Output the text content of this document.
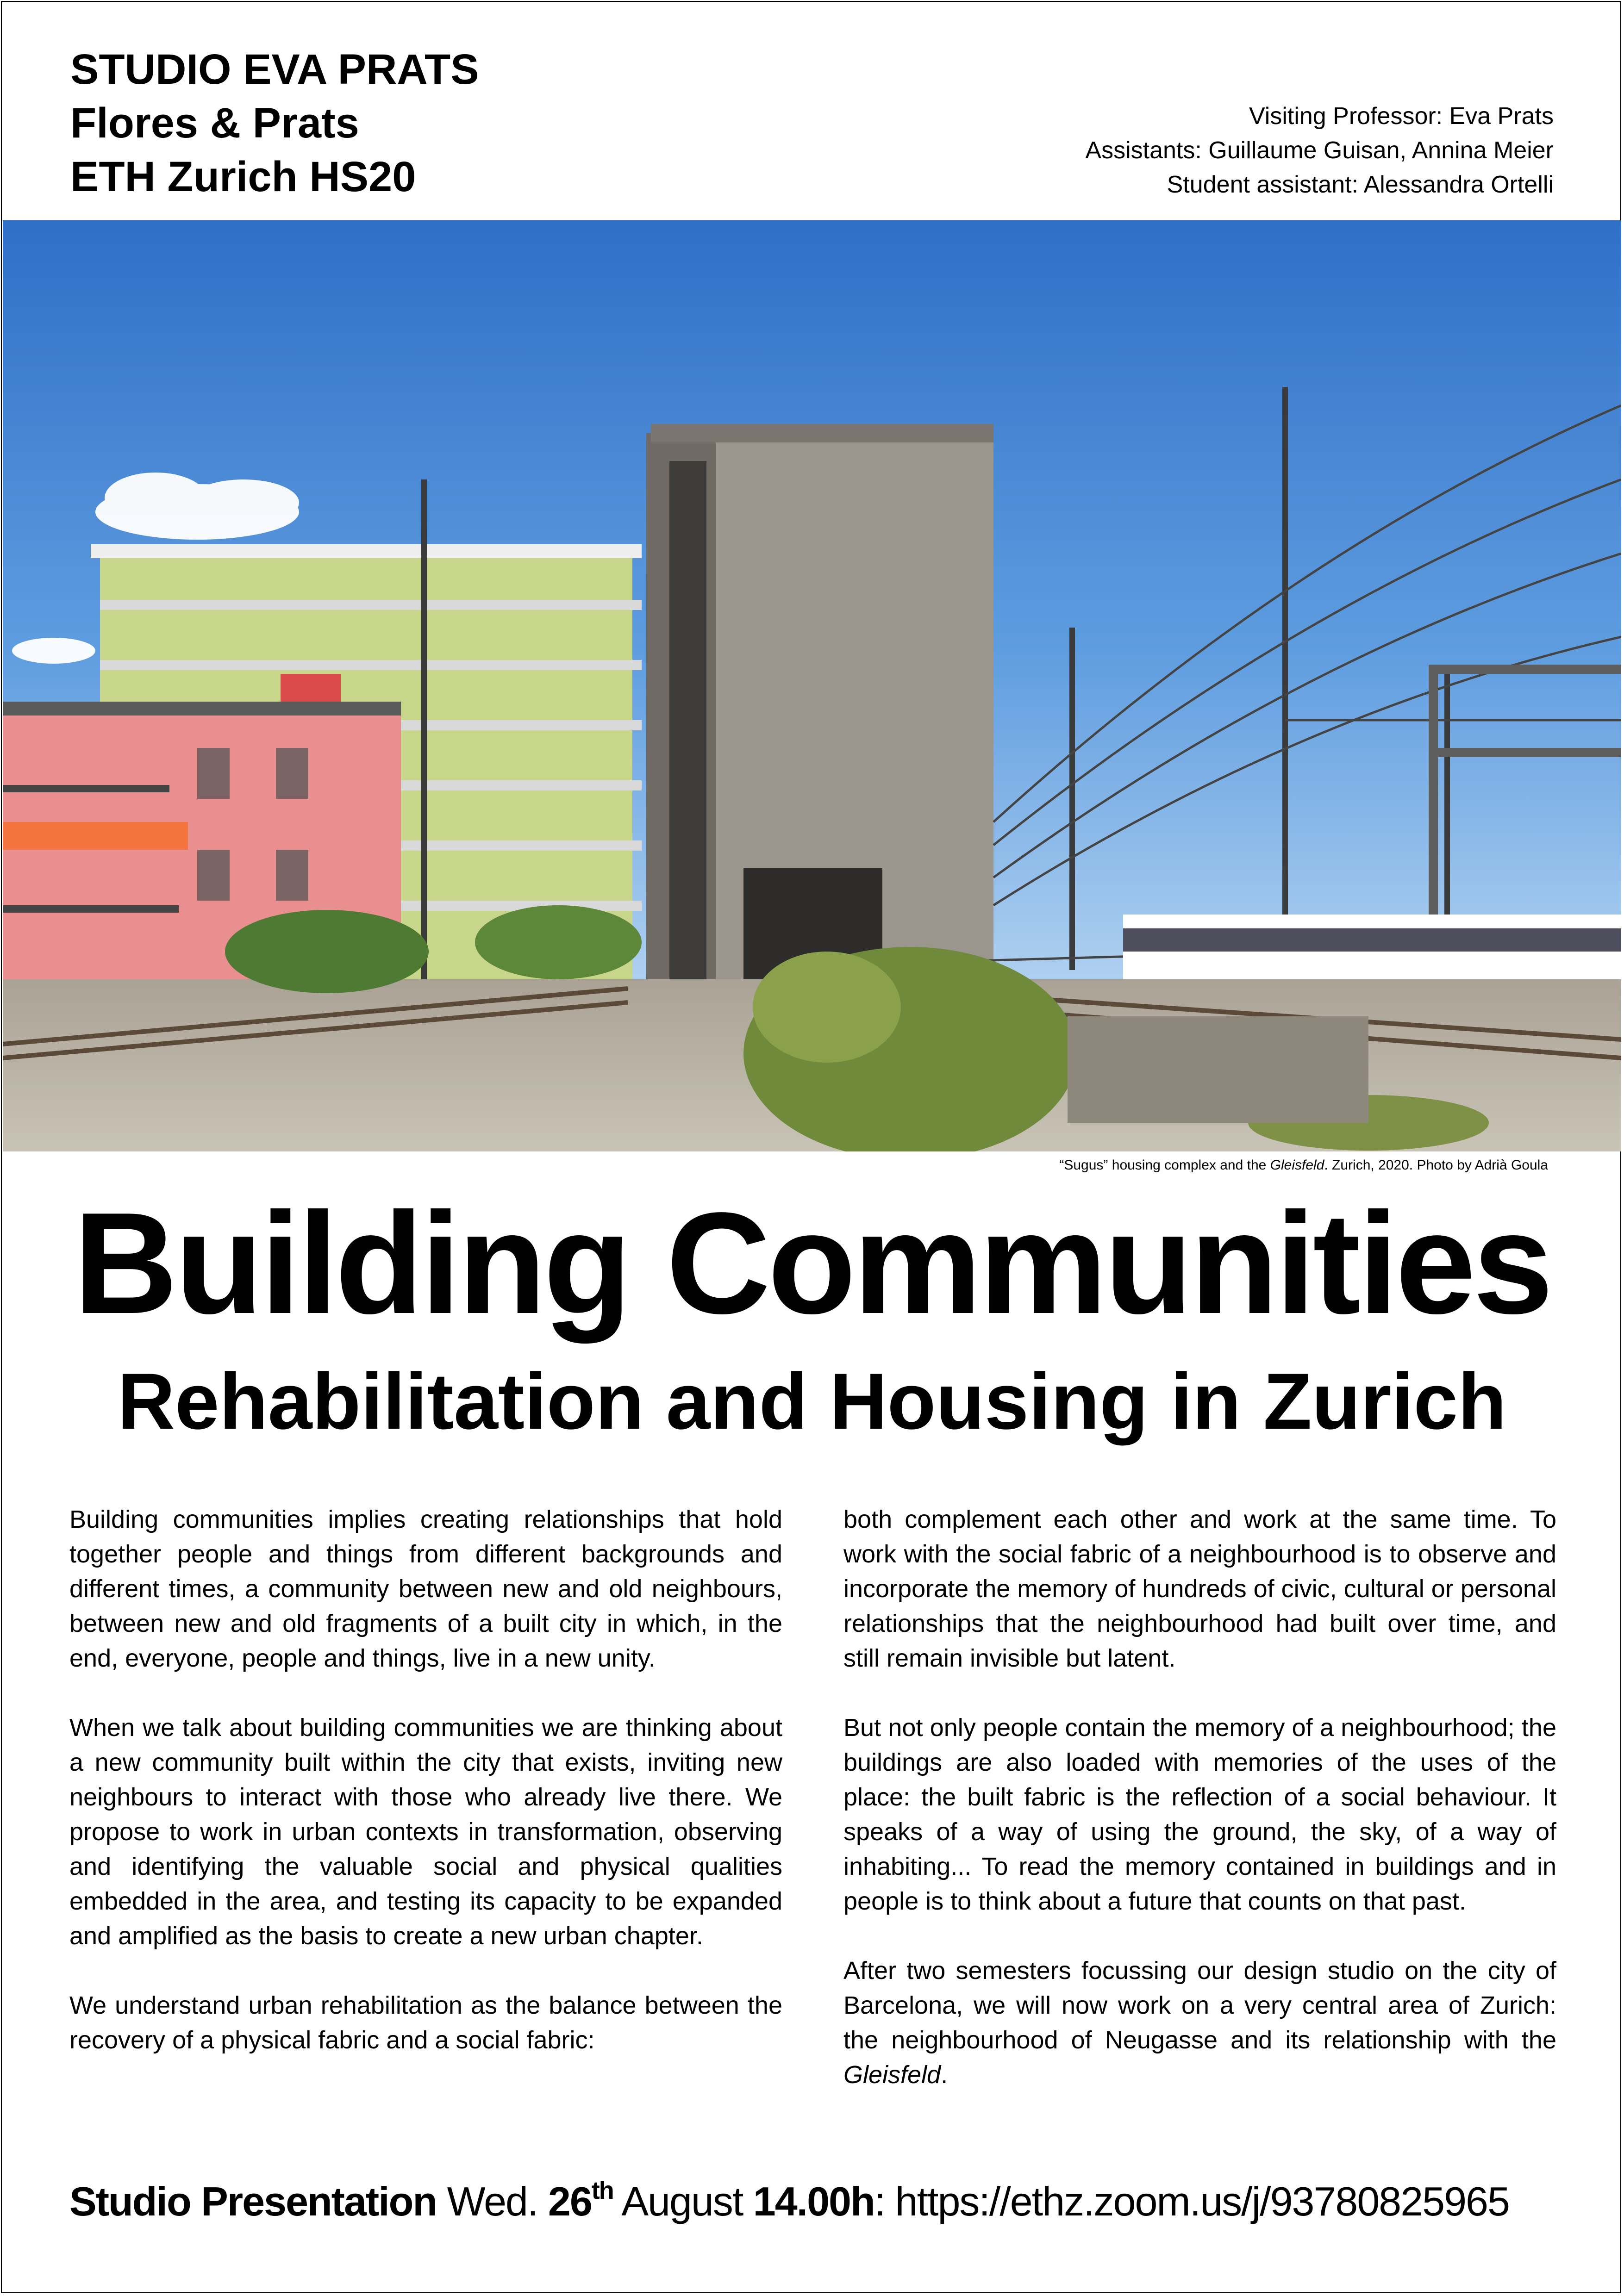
STUDIO EVA PRATS
Flores & Prats
ETH Zurich HS20
Visiting Professor: Eva Prats
Assistants: Guillaume Guisan, Annina Meier
Student assistant: Alessandra Ortelli
“Sugus” housing complex and the Gleisfeld. Zurich, 2020. Photo by Adrià Goula
Building Communities
Rehabilitation and Housing in Zurich

Building communities implies creating relationships that hold together people and things from different backgrounds and different times, a community between new and old neighbours, between new and old fragments of a built city in which, in the end, everyone, people and things, live in a new unity.

When we talk about building communities we are thinking about a new community built within the city that exists, inviting new neighbours to interact with those who already live there. We propose to work in urban contexts in transformation, observing and identifying the valuable social and physical qualities embedded in the area, and testing its capacity to be expanded and amplified as the basis to create a new urban chapter.

We understand urban rehabilitation as the balance between the recovery of a physical fabric and a social fabric:

both complement each other and work at the same time. To work with the social fabric of a neighbourhood is to observe and incorporate the memory of hundreds of civic, cultural or personal relationships that the neighbourhood had built over time, and still remain invisible but latent.

But not only people contain the memory of a neighbourhood; the buildings are also loaded with memories of the uses of the place: the built fabric is the reflection of a social behaviour. It speaks of a way of using the ground, the sky, of a way of inhabiting... To read the memory contained in buildings and in people is to think about a future that counts on that past.

After two semesters focussing our design studio on the city of Barcelona, we will now work on a very central area of Zurich: the neighbourhood of Neugasse and its relationship with the Gleisfeld.

Studio Presentation Wed. 26th August 14.00h: https://ethz.zoom.us/j/93780825965
